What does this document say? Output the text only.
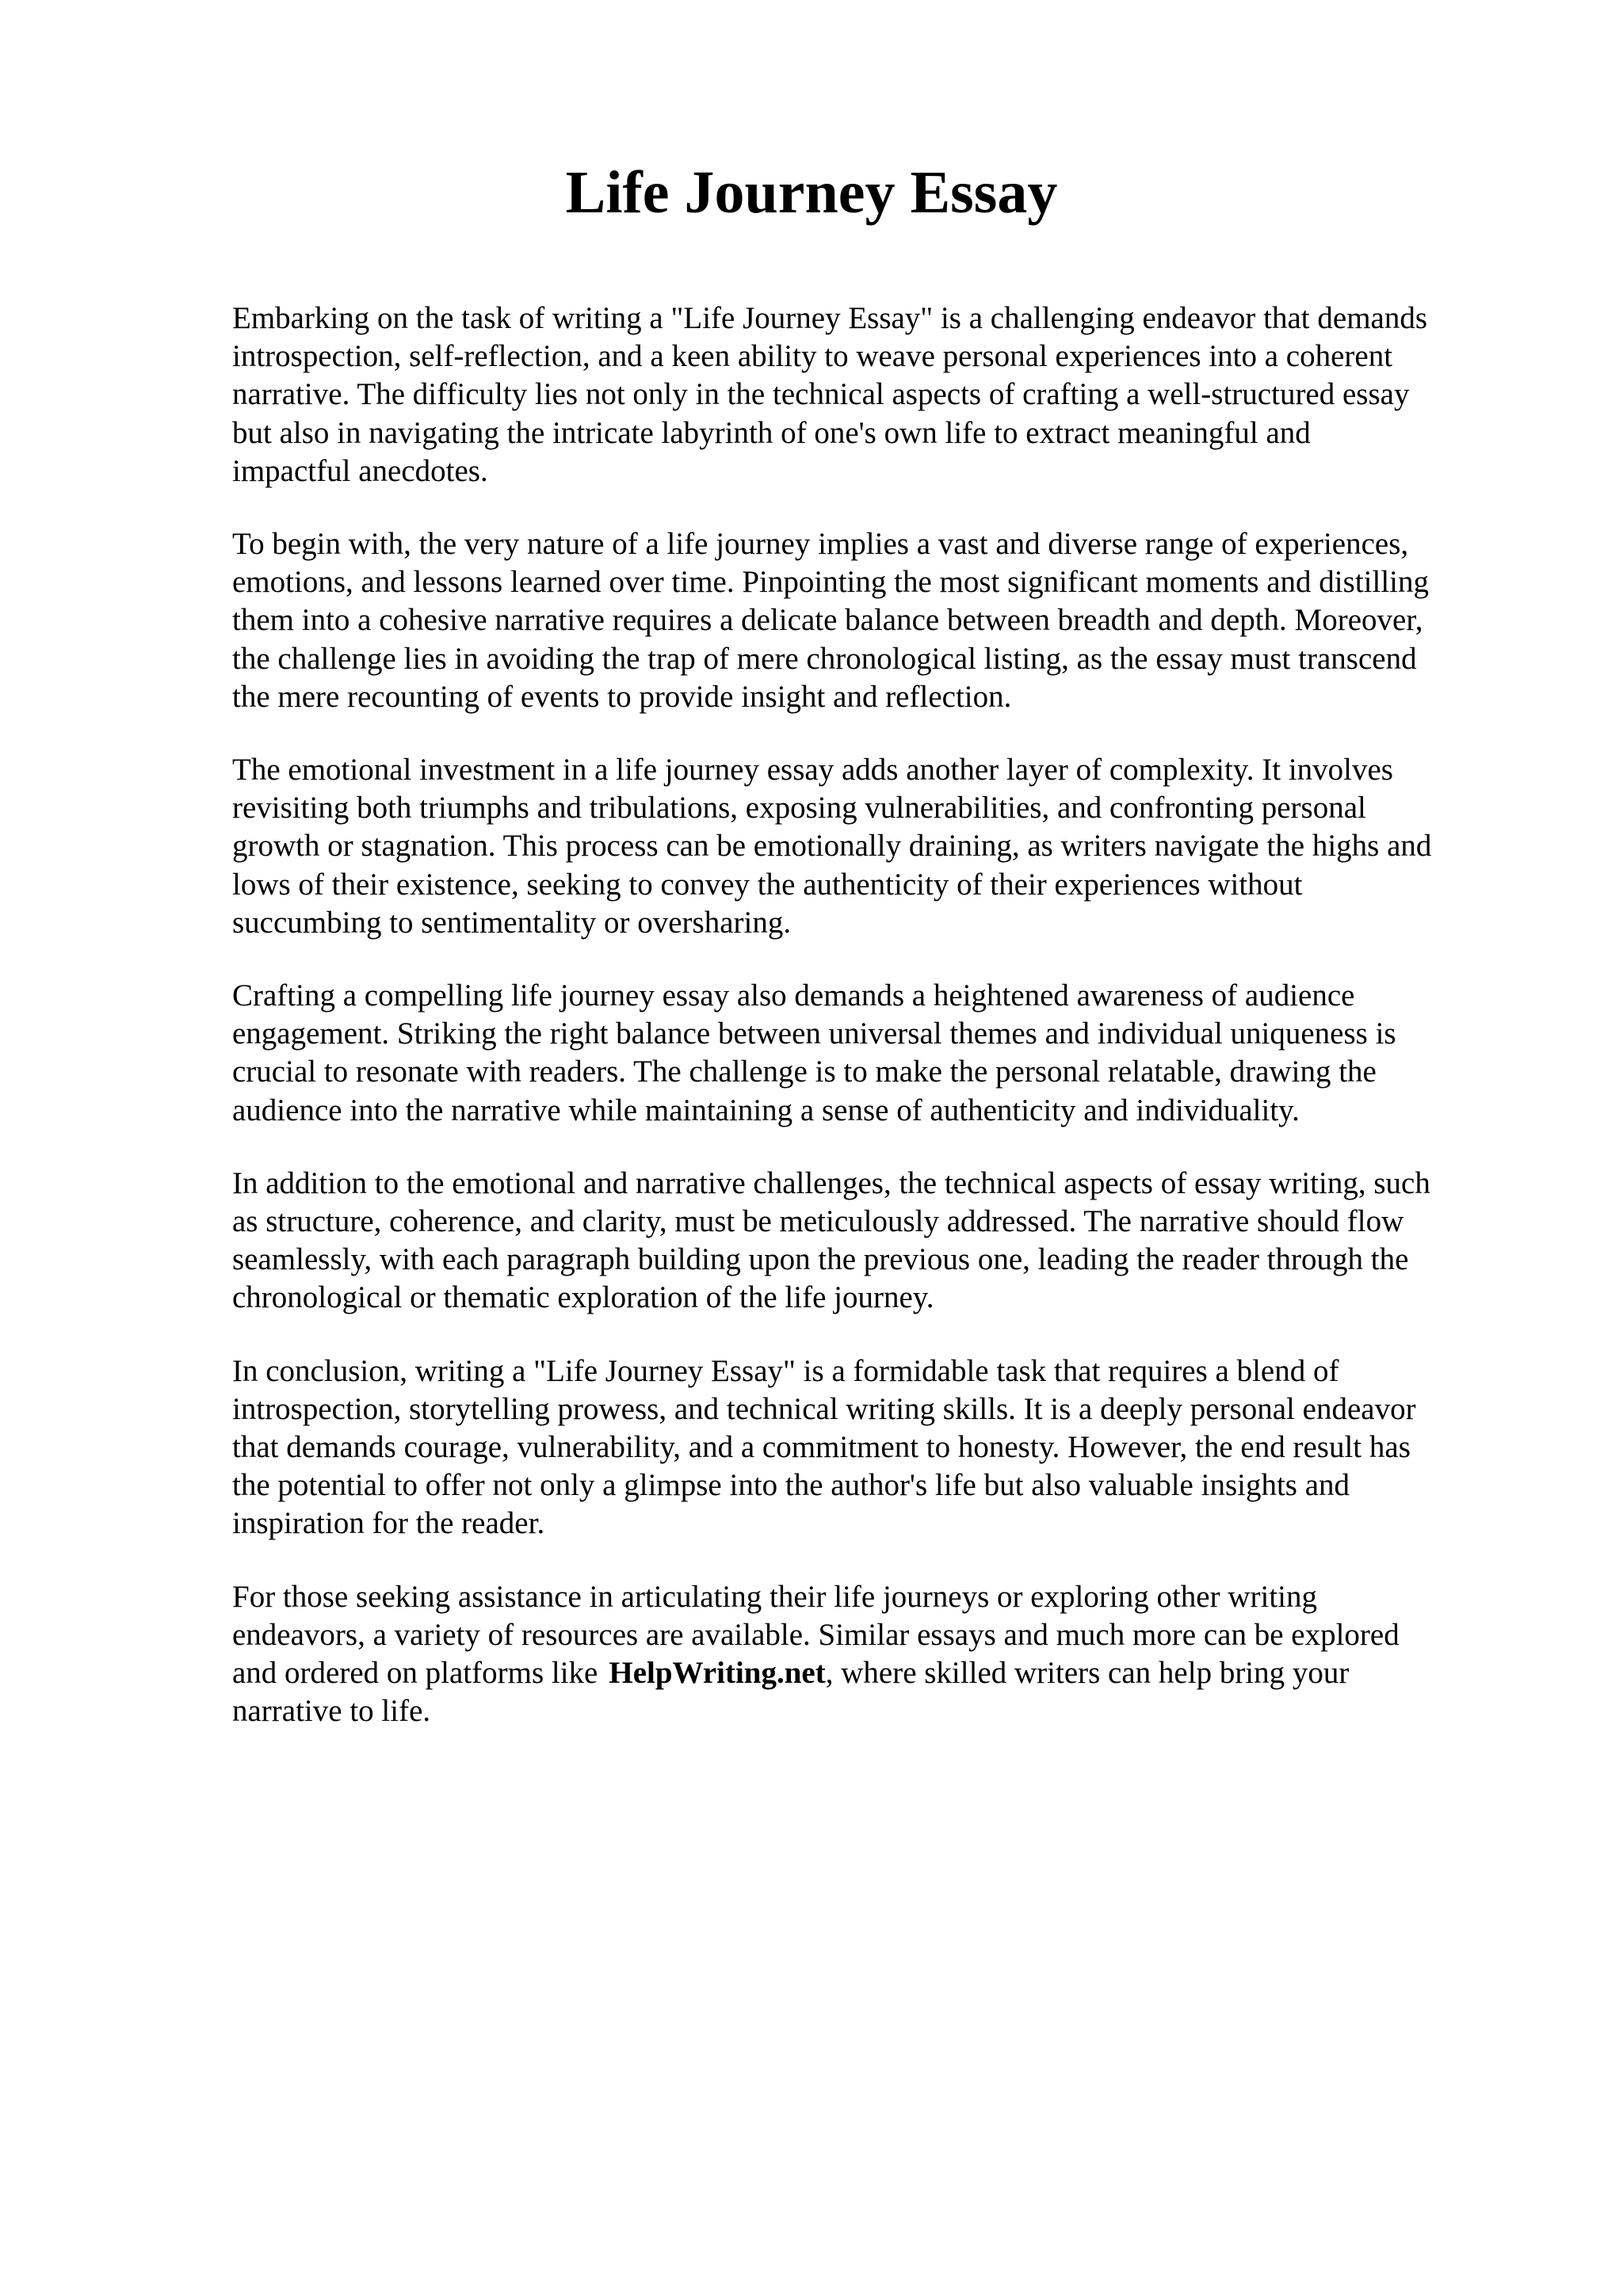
Life Journey Essay

Embarking on the task of writing a "Life Journey Essay" is a challenging endeavor that demands
introspection, self-reflection, and a keen ability to weave personal experiences into a coherent
narrative. The difficulty lies not only in the technical aspects of crafting a well-structured essay
but also in navigating the intricate labyrinth of one's own life to extract meaningful and
impactful anecdotes.

To begin with, the very nature of a life journey implies a vast and diverse range of experiences,
emotions, and lessons learned over time. Pinpointing the most significant moments and distilling
them into a cohesive narrative requires a delicate balance between breadth and depth. Moreover,
the challenge lies in avoiding the trap of mere chronological listing, as the essay must transcend
the mere recounting of events to provide insight and reflection.

The emotional investment in a life journey essay adds another layer of complexity. It involves
revisiting both triumphs and tribulations, exposing vulnerabilities, and confronting personal
growth or stagnation. This process can be emotionally draining, as writers navigate the highs and
lows of their existence, seeking to convey the authenticity of their experiences without
succumbing to sentimentality or oversharing.

Crafting a compelling life journey essay also demands a heightened awareness of audience
engagement. Striking the right balance between universal themes and individual uniqueness is
crucial to resonate with readers. The challenge is to make the personal relatable, drawing the
audience into the narrative while maintaining a sense of authenticity and individuality.

In addition to the emotional and narrative challenges, the technical aspects of essay writing, such
as structure, coherence, and clarity, must be meticulously addressed. The narrative should flow
seamlessly, with each paragraph building upon the previous one, leading the reader through the
chronological or thematic exploration of the life journey.

In conclusion, writing a "Life Journey Essay" is a formidable task that requires a blend of
introspection, storytelling prowess, and technical writing skills. It is a deeply personal endeavor
that demands courage, vulnerability, and a commitment to honesty. However, the end result has
the potential to offer not only a glimpse into the author's life but also valuable insights and
inspiration for the reader.

For those seeking assistance in articulating their life journeys or exploring other writing
endeavors, a variety of resources are available. Similar essays and much more can be explored
and ordered on platforms like HelpWriting.net, where skilled writers can help bring your
narrative to life.
